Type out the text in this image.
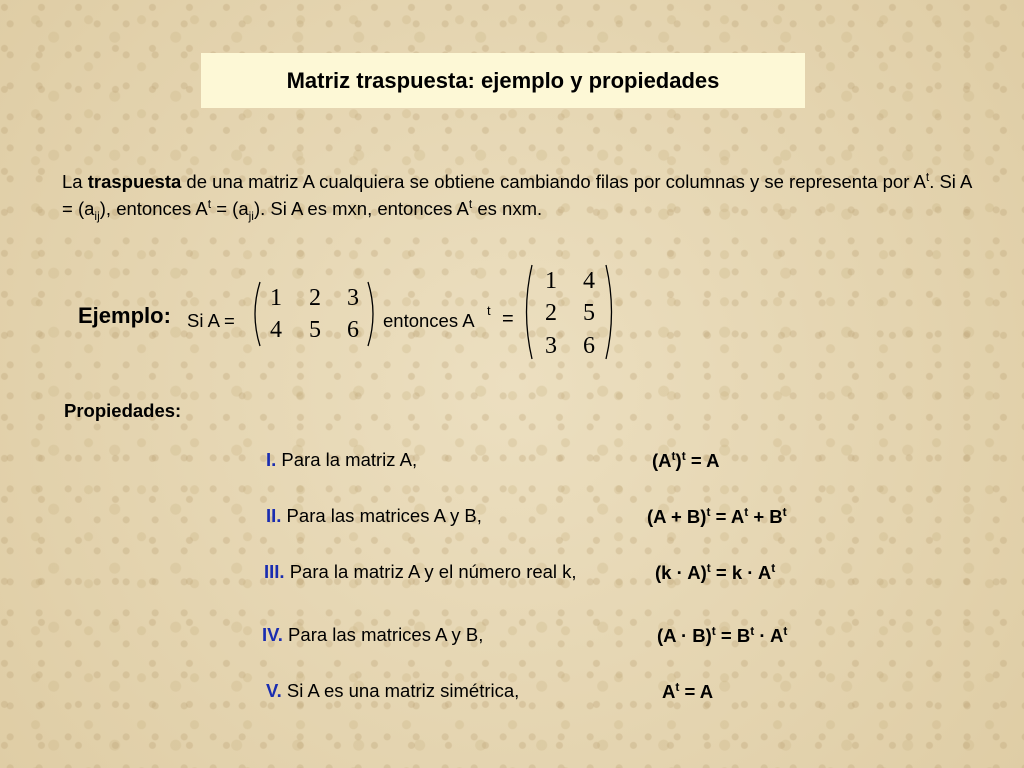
Matriz traspuesta: ejemplo y propiedades
La traspuesta de una matriz A cualquiera se obtiene cambiando filas por columnas y se representa por $A^t$. Si $A = (a_{ij})$, entonces $A^t = (a_{ji})$. Si A es mxn, entonces $A^t$ es nxm.
Ejemplo: Si A =
1 2 3
4 5 6	entonces A t =
1 4
2 5
3 6
Propiedades:
I. Para la matriz A,	$(A^t)^t = A$
II. Para las matrices A y B,	$(A + B)^t = A^t + B^t$
III. Para la matriz A y el número real k,	$(k \cdot A)^t = k \cdot A^t$
IV. Para las matrices A y B,	$(A \cdot B)^t = B^t \cdot A^t$
V. Si A es una matriz simétrica,	$A^t = A$
